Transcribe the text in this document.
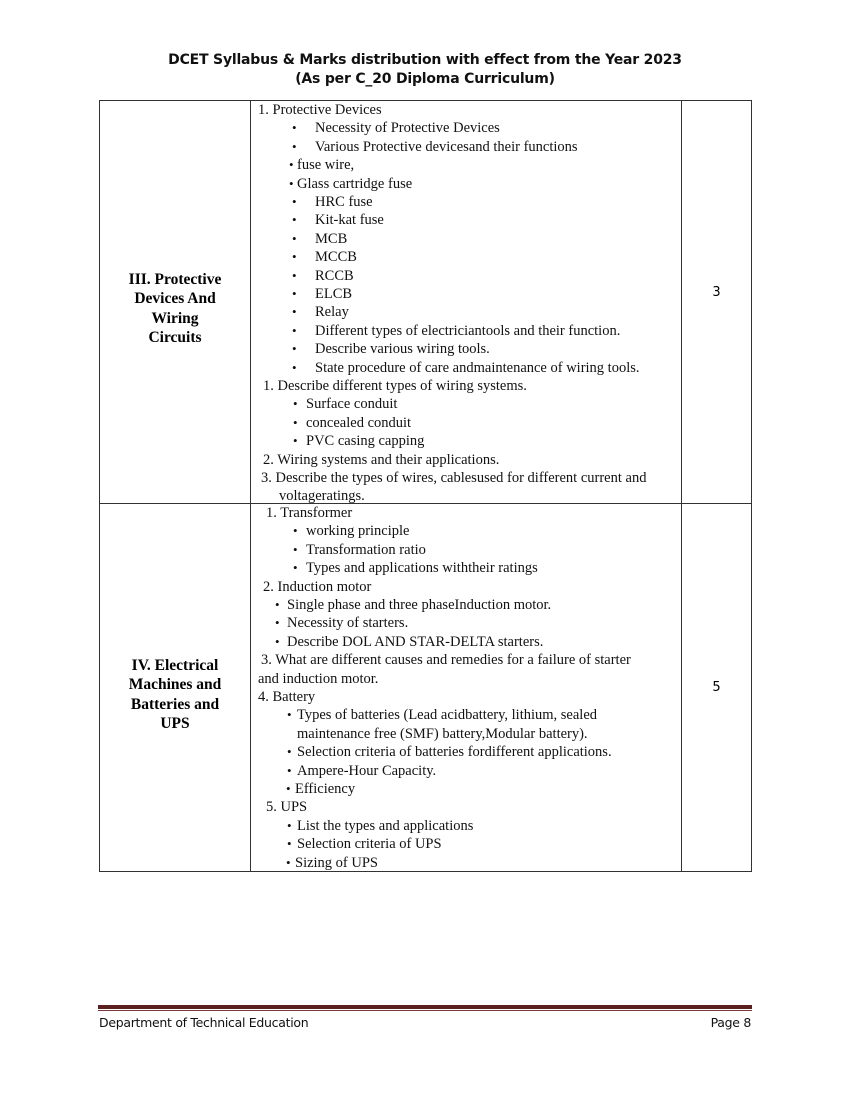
DCET Syllabus & Marks distribution with effect from the Year 2023
(As per C_20 Diploma Curriculum)
III. Protective
Devices And
Wiring
Circuits
3
IV. Electrical
Machines and
Batteries and
UPS
5
1. Protective Devices
• Necessity of Protective Devices
• Various Protective devicesand their functions
• fuse wire,
• Glass cartridge fuse
• HRC fuse
• Kit-kat fuse
• MCB
• MCCB
• RCCB
• ELCB
• Relay
• Different types of electriciantools and their function.
• Describe various wiring tools.
• State procedure of care andmaintenance of wiring tools.
1. Describe different types of wiring systems.
• Surface conduit
• concealed conduit
• PVC casing capping
2. Wiring systems and their applications.
3. Describe the types of wires, cablesused for different current and
voltageratings.
1. Transformer
• working principle
• Transformation ratio
• Types and applications withtheir ratings
2. Induction motor
• Single phase and three phaseInduction motor.
• Necessity of starters.
• Describe DOL AND STAR-DELTA starters.
3. What are different causes and remedies for a failure of starter
and induction motor.
4. Battery
• Types of batteries (Lead acidbattery, lithium, sealed
maintenance free (SMF) battery,Modular battery).
• Selection criteria of batteries fordifferent applications.
• Ampere-Hour Capacity.
• Efficiency
5. UPS
• List the types and applications
• Selection criteria of UPS
• Sizing of UPS
Department of Technical Education	Page 8
